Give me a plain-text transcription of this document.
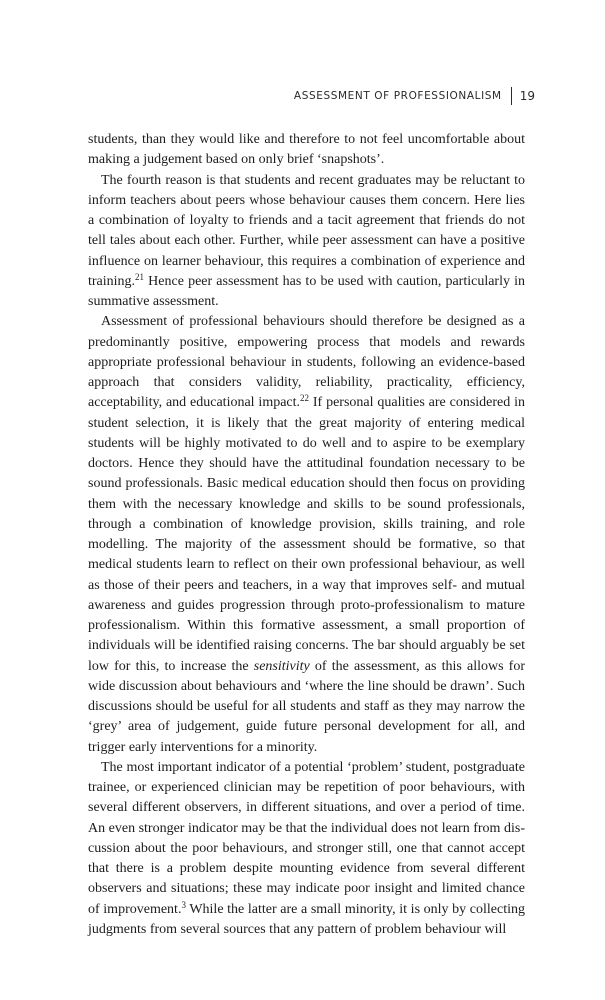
ASSESSMENT OF PROFESSIONALISM 19

students, than they would like and therefore to not feel uncomfortable about making a judgement based on only brief ‘snapshots’.

The fourth reason is that students and recent graduates may be reluctant to inform teachers about peers whose behaviour causes them concern. Here lies a combination of loyalty to friends and a tacit agreement that friends do not tell tales about each other. Further, while peer assessment can have a positive influence on learner behaviour, this requires a combination of experience and training.$^{21}$ Hence peer assessment has to be used with caution, particularly in summative assessment.

Assessment of professional behaviours should therefore be designed as a predominantly positive, empowering process that models and rewards appropriate professional behaviour in students, following an evidence-based approach that considers validity, reliability, practicality, efficiency, acceptability, and educational impact.$^{22}$ If personal qualities are considered in student selection, it is likely that the great majority of entering medical students will be highly motivated to do well and to aspire to be exemplary doctors. Hence they should have the attitudinal foundation necessary to be sound professionals. Basic medical education should then focus on providing them with the necessary knowledge and skills to be sound professionals, through a combination of knowledge provision, skills training, and role modelling. The majority of the assessment should be formative, so that medical students learn to reflect on their own professional behaviour, as well as those of their peers and teachers, in a way that improves self- and mutual awareness and guides progression through proto-professionalism to mature professionalism. Within this formative assessment, a small proportion of individuals will be identified raising concerns. The bar should arguably be set low for this, to increase the sensitivity of the assessment, as this allows for wide discussion about behaviours and ‘where the line should be drawn’. Such discussions should be useful for all students and staff as they may narrow the ‘grey’ area of judgement, guide future personal development for all, and trigger early interventions for a minority.

The most important indicator of a potential ‘problem’ student, postgraduate trainee, or experienced clinician may be repetition of poor behaviours, with several different observers, in different situations, and over a period of time. An even stronger indicator may be that the individual does not learn from discussion about the poor behaviours, and stronger still, one that cannot accept that there is a problem despite mounting evidence from several different observers and situations; these may indicate poor insight and limited chance of improvement.$^3$ While the latter are a small minority, it is only by collecting judgments from several sources that any pattern of problem behaviour will
